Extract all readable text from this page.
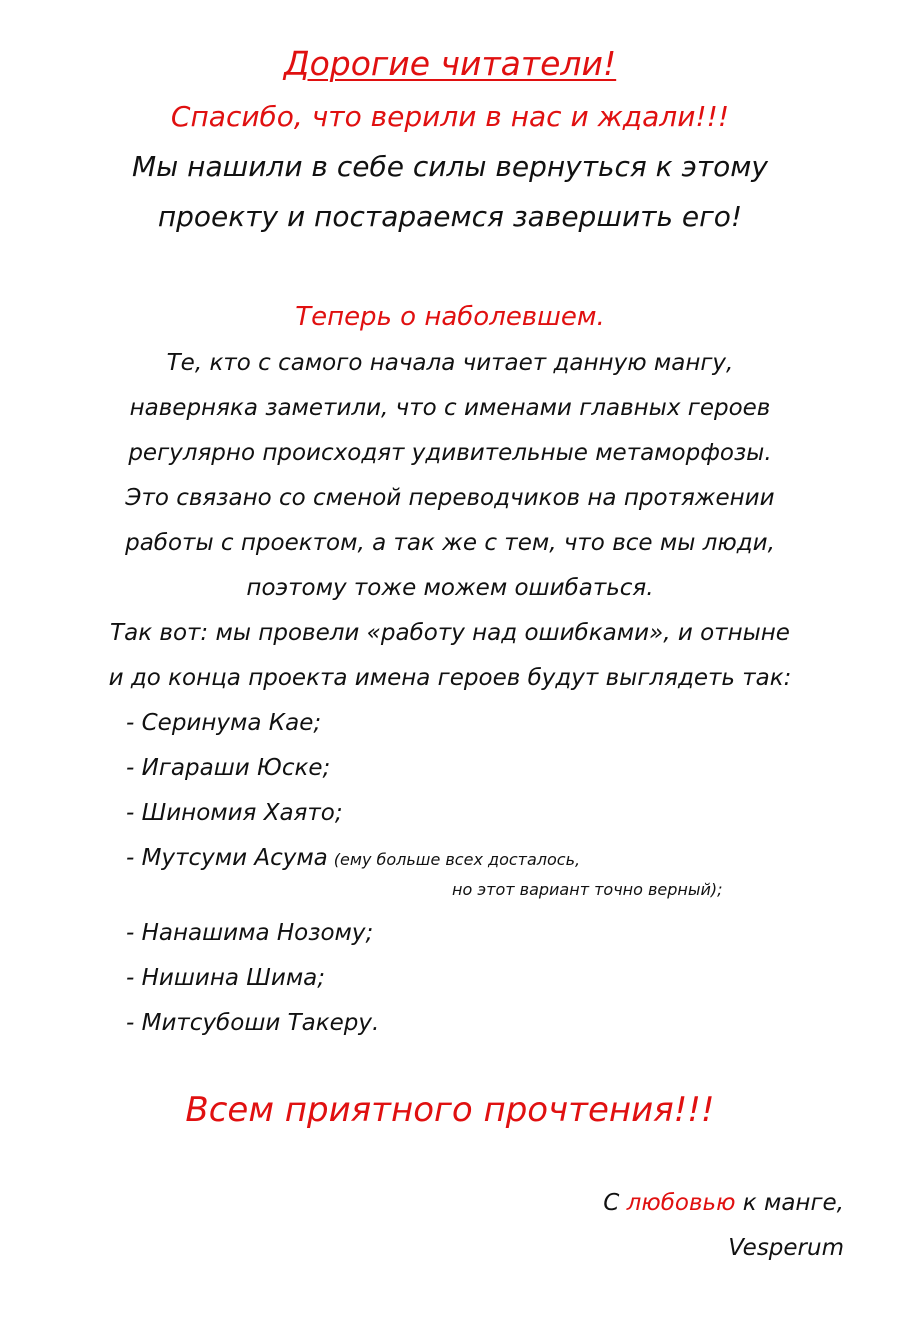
Дорогие читатели!
Спасибо, что верили в нас и ждали!!!
Мы нашили в себе силы вернуться к этому
проекту и постараемся завершить его!
Теперь о наболевшем.
Те, кто с самого начала читает данную мангу,
наверняка заметили, что с именами главных героев
регулярно происходят удивительные метаморфозы.
Это связано со сменой переводчиков на протяжении
работы с проектом, а так же с тем, что все мы люди,
поэтому тоже можем ошибаться.
Так вот: мы провели «работу над ошибками», и отныне
и до конца проекта имена героев будут выглядеть так:
- Серинума Кае;
- Игараши Юске;
- Шиномия Хаято;
- Мутсуми Асума (ему больше всех досталось,
но этот вариант точно верный);
- Нанашима Нозому;
- Нишина Шима;
- Митсубоши Такеру.
Всем приятного прочтения!!!
С любовью к манге,
Vesperum
